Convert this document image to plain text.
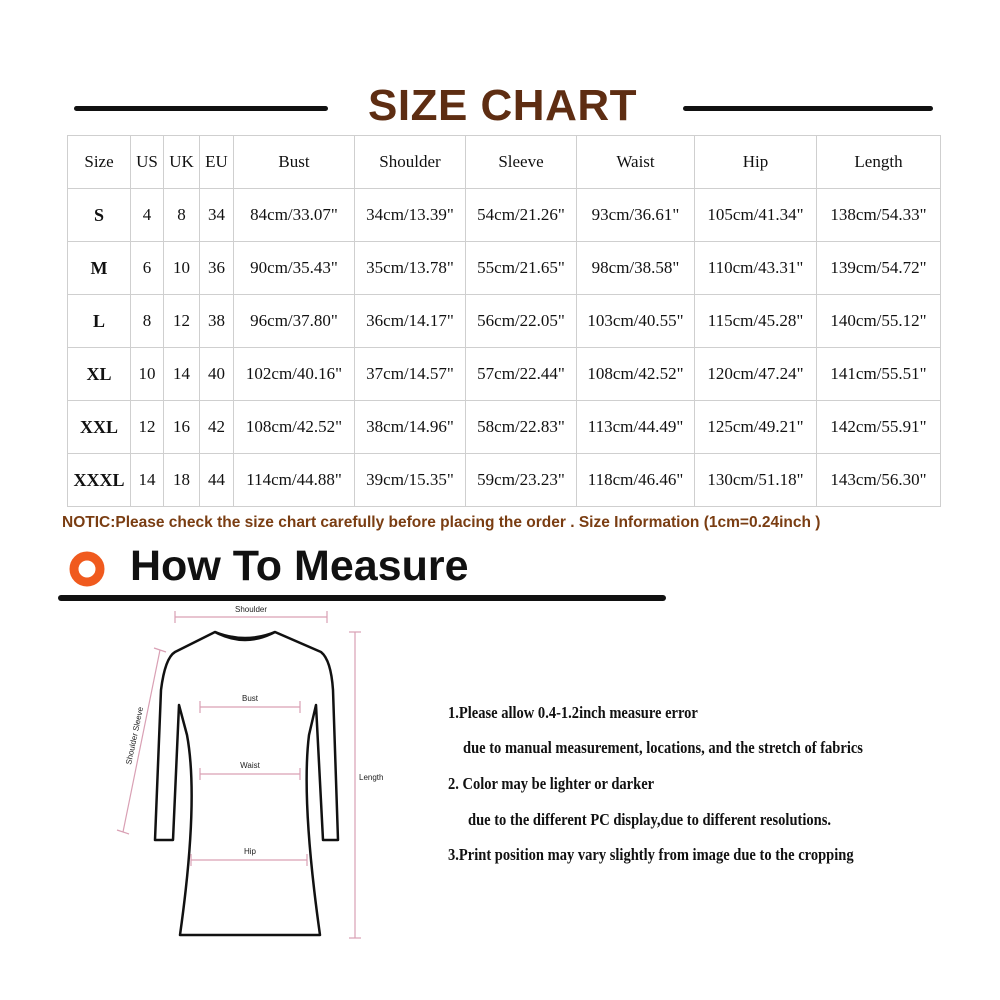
SIZE CHART
Size	US	UK	EU	Bust	Shoulder	Sleeve	Waist	Hip	Length
S	4	8	34	84cm/33.07"	34cm/13.39"	54cm/21.26"	93cm/36.61"	105cm/41.34"	138cm/54.33"
M	6	10	36	90cm/35.43"	35cm/13.78"	55cm/21.65"	98cm/38.58"	110cm/43.31"	139cm/54.72"
L	8	12	38	96cm/37.80"	36cm/14.17"	56cm/22.05"	103cm/40.55"	115cm/45.28"	140cm/55.12"
XL	10	14	40	102cm/40.16"	37cm/14.57"	57cm/22.44"	108cm/42.52"	120cm/47.24"	141cm/55.51"
XXL	12	16	42	108cm/42.52"	38cm/14.96"	58cm/22.83"	113cm/44.49"	125cm/49.21"	142cm/55.91"
XXXL	14	18	44	114cm/44.88"	39cm/15.35"	59cm/23.23"	118cm/46.46"	130cm/51.18"	143cm/56.30"
NOTIC:Please check the size chart carefully before placing the order . Size Information (1cm=0.24inch )
How To Measure
Shoulder
Bust
Waist
Hip
Length
Shoulder Sleeve	1.Please allow 0.4-1.2inch measure error
due to manual measurement, locations, and the stretch of fabrics
2. Color may be lighter or darker
due to the different PC display,due to different resolutions.
3.Print position may vary slightly from image due to the cropping
